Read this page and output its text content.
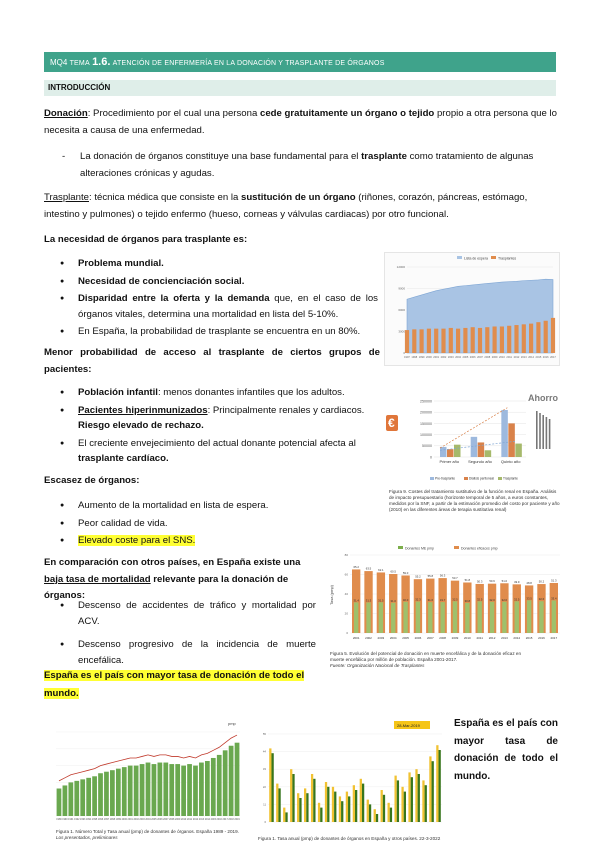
MQ4 TEMA 1.6. ATENCIÓN DE ENFERMERÍA EN LA DONACIÓN Y TRASPLANTE DE ÓRGANOS
INTRODUCCIÓN
Donación: Procedimiento por el cual una persona cede gratuitamente un órgano o tejido propio a otra persona que lo necesita a causa de una enfermedad.
-	La donación de órganos constituye una base fundamental para el trasplante como tratamiento de algunas alteraciones crónicas y agudas.
Trasplante: técnica médica que consiste en la sustitución de un órgano (riñones, corazón, páncreas, estómago, intestino y pulmones) o tejido enfermo (hueso, corneas y válvulas cardiacas) por otro funcional.
La necesidad de órganos para trasplante es:
● Problema mundial.
● Necesidad de concienciación social.
● Disparidad entre la oferta y la demanda que, en el caso de los órganos vitales, determina una mortalidad en lista del 5-10%.
● En España, la probabilidad de trasplante se encuentra en un 80%.
Menor probabilidad de acceso al trasplante de ciertos grupos de pacientes:
● Población infantil: menos donantes infantiles que los adultos.
● Pacientes hiperinmunizados: Principalmente renales y cardiacos. Riesgo elevado de rechazo.
● El creciente envejecimiento del actual donante potencial afecta al trasplante cardíaco.
Escasez de órganos:
● Aumento de la mortalidad en lista de espera.
● Peor calidad de vida.
● Elevado coste para el SNS.
En comparación con otros países, en España existe una baja tasa de mortalidad relevante para la donación de órganos:
● Descenso de accidentes de tráfico y mortalidad por ACV.
● Descenso progresivo de la incidencia de muerte encefálica.
España es el país con mayor tasa de donación de todo el mundo.
España es el país con mayor tasa de donación de todo el mundo.
Lista de espera	Trasplantes
0
3000
6000
9000
12000
1997 1998 1999 2000 2001 2002 2003 2004 2005 2006 2007 2008 2009 2010 2011 2012 2013 2014 2015 2016 2017
€
Ahorro
250000
200000
150000
100000
50000
0
Primer año Segundo año Quinto año
Pre-trasplante	Diálisis peritoneal	Trasplante
Figura 9. Costes del tratamiento sustitutivo de la función renal en España. Análisis de impacto presupuestario (horizonte temporal de 5 años, a euros constantes, medidos por la SNF, a partir de la estimación promedio del costo por paciente y año (2010) en las diferentes áreas de terapia sustitutiva renal)
Donantes ME pmp	Donantes eficaces pmp
Tasa (pmp)
0
20
40
60
80
65.2
31.4
2001
63.5
31.3
2002
62.1
31.5
2003
60.5
31.0
2004
59.0
32.0
2005
55.2
32.3
2006
55.8
31.6
2007
56.3
31.7
2008
53.7
32.5
2009
51.8
30.8
2010
50.3
32.5
2011
50.6
32.0
2012
51.0
32.0
2013
49.9
32.5
2014
48.8
33.5
2015
50.2
32.6
2016
51.3
33.4
2017
Figura 5. Evolución del potencial de donación en muerte encefálica y de la donación eficaz en
muerte encefálica por millón de población. España 2001-2017.
Fuente: Organización Nacional de Trasplantes
pmp
1989 1990 1991 1992 1993 1994 1995 1996 1997 1998 1999 2000 2001 2002 2003 2004 2005 2006 2007 2008 2009 2010 2011 2012 2013 2014 2015 2016 2017 2018 2019
Figura 1. Número Total y Tasa anual (pmp) de donantes de órganos. España 1989 - 2019.
Los presentados, preliminares
28-Mar-2019
0
11
22
33
44
55
Figura 1. Tasa anual (pmp) de donantes de órganos en España y otros países. 22-3-2022
